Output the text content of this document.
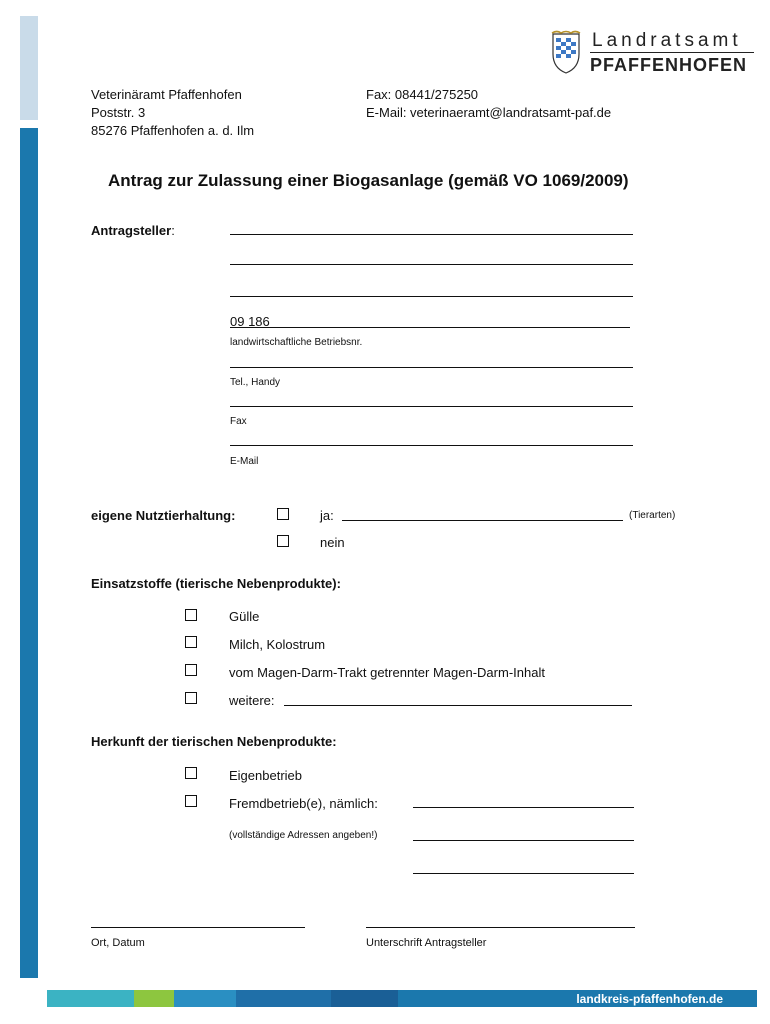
Landratsamt
PFAFFENHOFEN
Veterinäramt Pfaffenhofen
Poststr. 3
85276 Pfaffenhofen a. d. Ilm
Fax: 08441/275250
E-Mail: veterinaeramt@landratsamt-paf.de
Antrag zur Zulassung einer Biogasanlage (gemäß VO 1069/2009)
Antragsteller:
09 186
landwirtschaftliche Betriebsnr.
Tel., Handy
Fax
E-Mail
eigene Nutztierhaltung:	ja:	(Tierarten)
nein
Einsatzstoffe (tierische Nebenprodukte):
Gülle
Milch, Kolostrum
vom Magen-Darm-Trakt getrennter Magen-Darm-Inhalt
weitere:
Herkunft der tierischen Nebenprodukte:
Eigenbetrieb
Fremdbetrieb(e), nämlich:
(vollständige Adressen angeben!)
Ort, Datum	Unterschrift Antragsteller
landkreis-pfaffenhofen.de
